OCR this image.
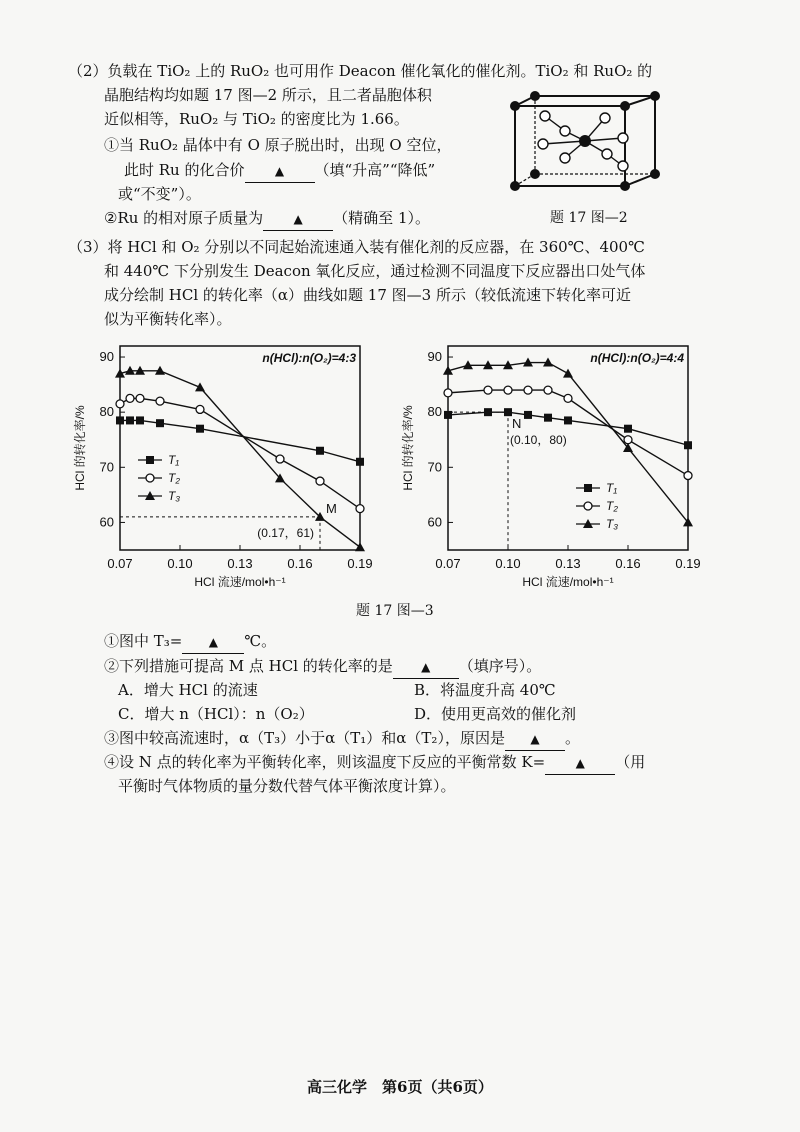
（2）负载在 TiO₂ 上的 RuO₂ 也可用作 Deacon 催化氧化的催化剂。TiO₂ 和 RuO₂ 的
晶胞结构均如题 17 图—2 所示，且二者晶胞体积
近似相等，RuO₂ 与 TiO₂ 的密度比为 1.66。
①当 RuO₂ 晶体中有 O 原子脱出时，出现 O 空位，
此时 Ru 的化合价	▲ （填“升高”“降低”
或“不变”）。
②Ru 的相对原子质量为	▲ （精确至 1）。	题 17 图—2
（3）将 HCl 和 O₂ 分别以不同起始流速通入装有催化剂的反应器，在 360℃、400℃
和 440℃ 下分别发生 Deacon 氧化反应，通过检测不同温度下反应器出口处气体
成分绘制 HCl 的转化率（α）曲线如题 17 图—3 所示（较低流速下转化率可近
似为平衡转化率）。
0.07	0.10	0.13	0.16	0.19
60
70
80
90
HCl 流速/mol•h⁻¹
HCl 的转化率/%
n(HCl):n(O₂)=4:3
M
(0.17，61)
T₁
T₂
T₃
0.07	0.10	0.13	0.16	0.19
60
70
80
90
HCl 流速/mol•h⁻¹
HCl 的转化率/%
n(HCl):n(O₂)=4:4
N
(0.10，80)
T₁
T₂
T₃
题 17 图—3
①图中 T₃= ▲ ℃。
②下列措施可提高 M 点 HCl 的转化率的是 ▲ （填序号）。
A．增大 HCl 的流速	B．将温度升高 40℃
C．增大 n（HCl）：n（O₂）	D．使用更高效的催化剂
③图中较高流速时，α（T₃）小于α（T₁）和α（T₂），原因是 ▲ 。
④设 N 点的转化率为平衡转化率，则该温度下反应的平衡常数 K=	▲ （用
平衡时气体物质的量分数代替气体平衡浓度计算）。
高三化学　第6页（共6页）
